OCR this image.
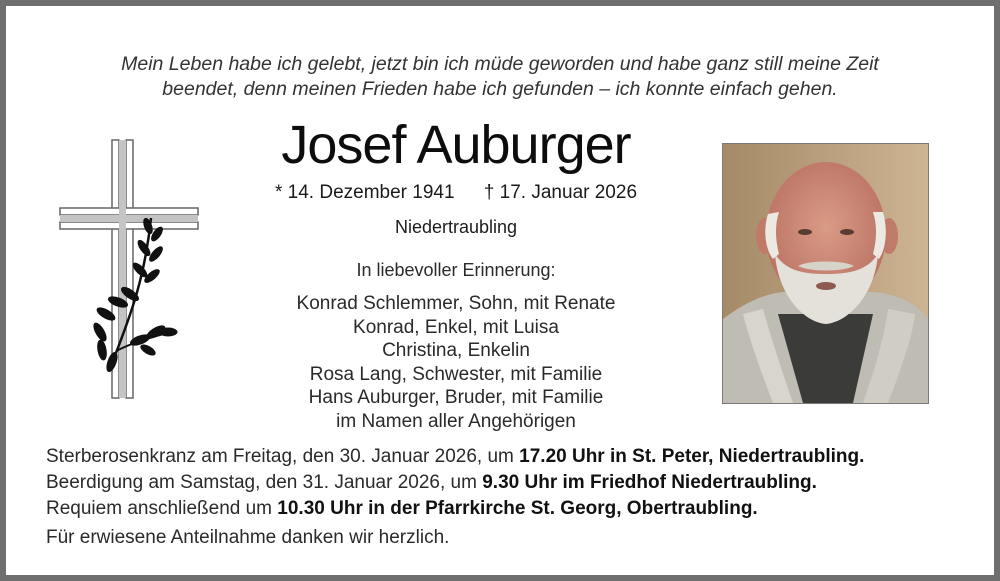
Mein Leben habe ich gelebt, jetzt bin ich müde geworden und habe ganz still meine Zeit
beendet, denn meinen Frieden habe ich gefunden – ich konnte einfach gehen.
Josef Auburger
* 14. Dezember 1941 † 17. Januar 2026
Niedertraubling
In liebevoller Erinnerung:
Konrad Schlemmer, Sohn, mit Renate
Konrad, Enkel, mit Luisa
Christina, Enkelin
Rosa Lang, Schwester, mit Familie
Hans Auburger, Bruder, mit Familie
im Namen aller Angehörigen
Sterberosenkranz am Freitag, den 30. Januar 2026, um 17.20 Uhr in St. Peter, Niedertraubling.
Beerdigung am Samstag, den 31. Januar 2026, um 9.30 Uhr im Friedhof Niedertraubling.
Requiem anschließend um 10.30 Uhr in der Pfarrkirche St. Georg, Obertraubling.
Für erwiesene Anteilnahme danken wir herzlich.
